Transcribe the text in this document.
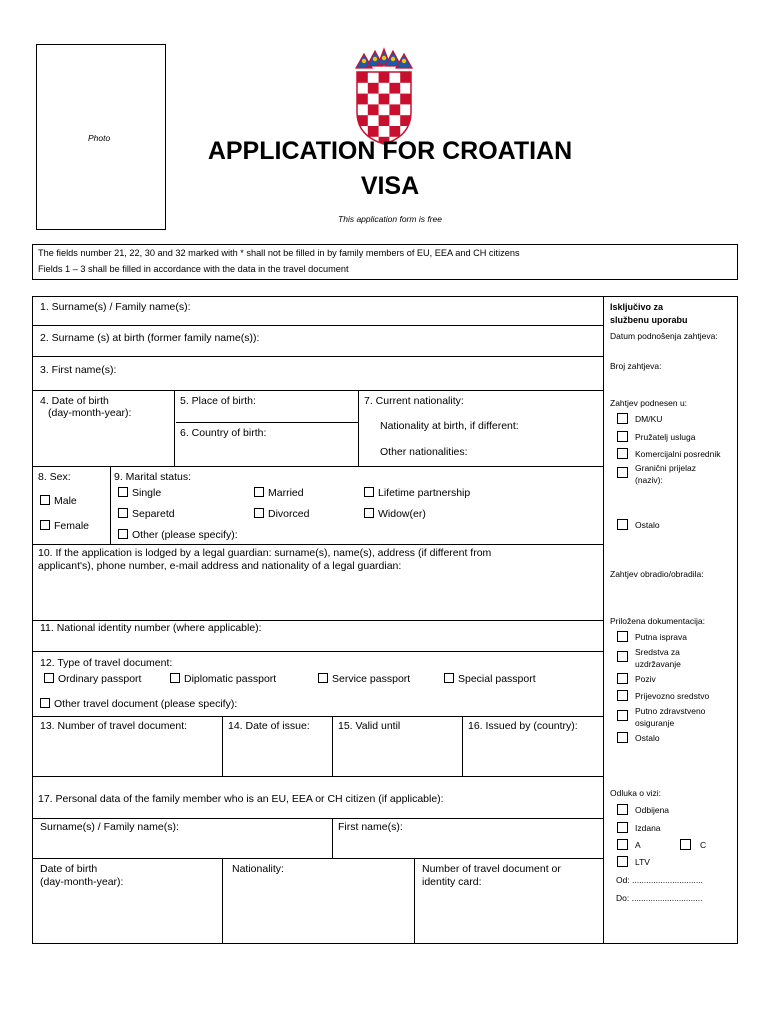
Photo	APPLICATION FOR CROATIAN
VISA
This application form is free
The fields number 21, 22, 30 and 32 marked with * shall not be filled in by family members of EU, EEA and CH citizens
Fields 1 – 3 shall be filled in accordance with the data in the travel document
1. Surname(s) / Family name(s):
2. Surname (s) at birth (former family name(s)):
3. First name(s):
4. Date of birth
(day-month-year):
5. Place of birth:
6. Country of birth:
7. Current nationality:
Nationality at birth, if different:
Other nationalities:
8. Sex:
Male
Female
9. Marital status:
Single	Married	Lifetime partnership
Separetd	Divorced	Widow(er)
Other (please specify):
10. If the application is lodged by a legal guardian: surname(s), name(s), address (if different from
applicant's), phone number, e-mail address and nationality of a legal guardian:
11. National identity number (where applicable):
12. Type of travel document:
Ordinary passport	Diplomatic passport	Service passport	Special passport
Other travel document (please specify):
13. Number of travel document:	14. Date of issue:	15. Valid until	16. Issued by (country):
17. Personal data of the family member who is an EU, EEA or CH citizen (if applicable):
Surname(s) / Family name(s):	First name(s):
Date of birth
(day-month-year):
Nationality:	Number of travel document or
identity card:
Isključivo za
službenu uporabu
Datum podnošenja zahtjeva:
Broj zahtjeva:
Zahtjev podnesen u:
DM/KU
Pružatelj usluga
Komercijalni posrednik
Granični prijelaz
(naziv):
Ostalo
Zahtjev obradio/obradila:
Priložena dokumentacija:
Putna isprava
Sredstva za
uzdržavanje
Poziv
Prijevozno sredstvo
Putno zdravstveno
osiguranje
Ostalo
Odluka o vizi:
Odbijena
Izdana
A	C
LTV
Od: ..............................
Do: ..............................
